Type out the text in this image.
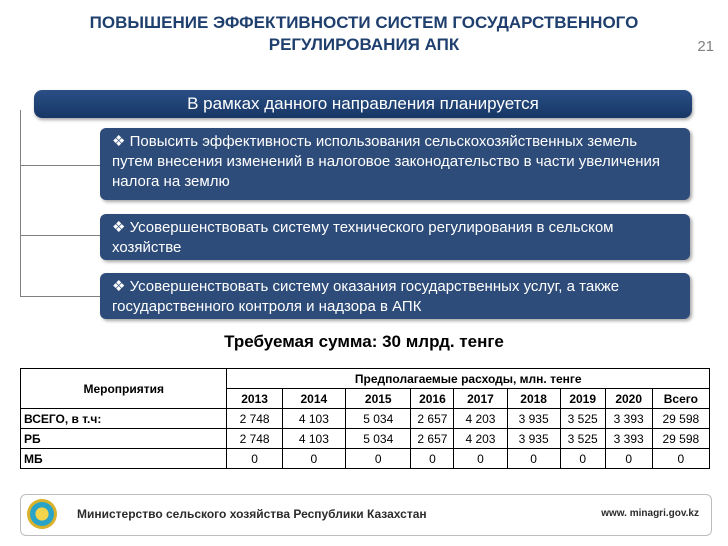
ПОВЫШЕНИЕ ЭФФЕКТИВНОСТИ СИСТЕМ ГОСУДАРСТВЕННОГО
РЕГУЛИРОВАНИЯ АПК	21
В рамках данного направления планируется
❖ Повысить эффективность использования сельскохозяйственных земель путем внесения изменений в налоговое законодательство в части увеличения налога на землю
❖ Усовершенствовать систему технического регулирования в сельском хозяйстве
❖ Усовершенствовать систему оказания государственных услуг, а также государственного контроля и надзора в АПК
Требуемая сумма: 30 млрд. тенге
Мероприятия	Предполагаемые расходы, млн. тенге								
	2013	2014	2015	2016	2017	2018	2019	2020	Всего
ВСЕГО, в т.ч:	2 748	4 103	5 034	2 657	4 203	3 935	3 525	3 393	29 598
РБ	2 748	4 103	5 034	2 657	4 203	3 935	3 525	3 393	29 598
МБ	0	0	0	0	0	0	0	0	0
Министерство сельского хозяйства Республики Казахстан	www. minagri.gov.kz
